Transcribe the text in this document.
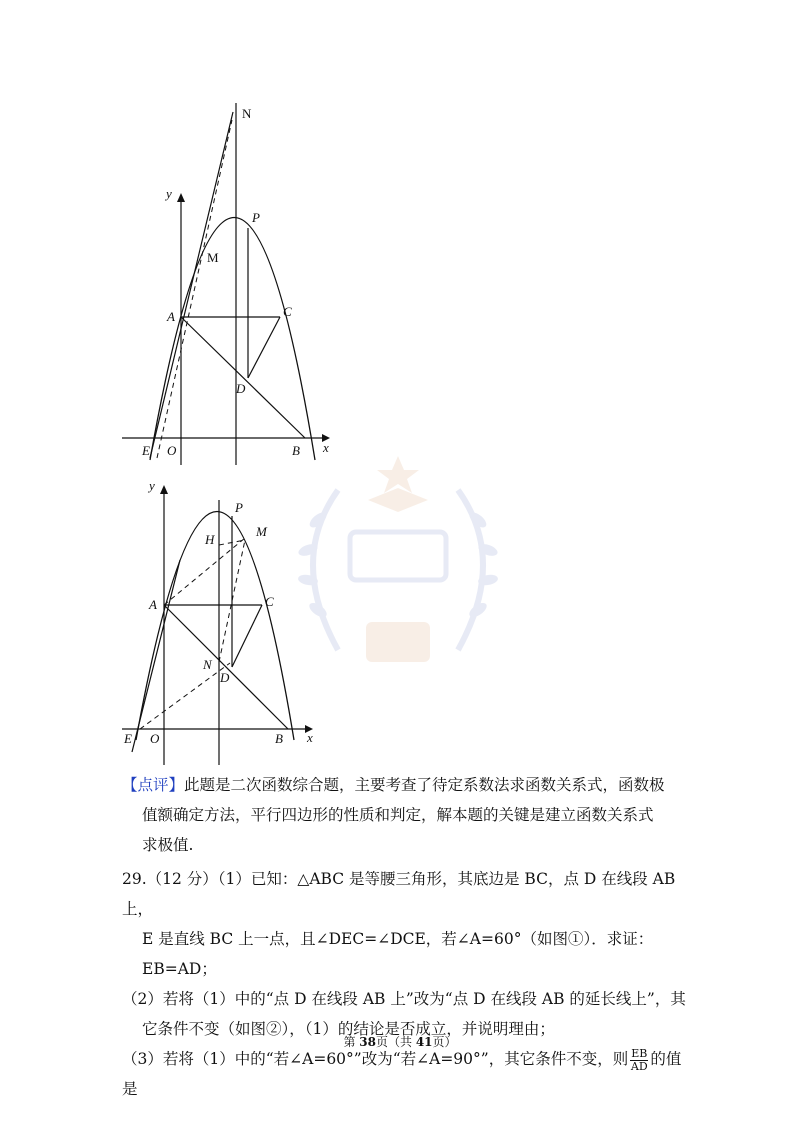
N
y
P
M
A	C
D
E O	B x
y
P
H
M
A	C
N
D
E O	B x
【点评】此题是二次函数综合题，主要考查了待定系数法求函数关系式，函数极
值额确定方法，平行四边形的性质和判定，解本题的关键是建立函数关系式
求极值.
29.（12 分）（1）已知：△ABC 是等腰三角形，其底边是 BC，点 D 在线段 AB 上，
E 是直线 BC 上一点，且∠DEC=∠DCE，若∠A=60°（如图①）．求证：EB=AD；
（2）若将（1）中的“点 D 在线段 AB 上”改为“点 D 在线段 AB 的延长线上”，其
它条件不变（如图②），（1）的结论是否成立，并说明理由；
（3）若将（1）中的“若∠A=60°”改为“若∠A=90°”，其它条件不变，则 $\frac{EB}{AD}$ 的值是
第 38页（共 41页）
